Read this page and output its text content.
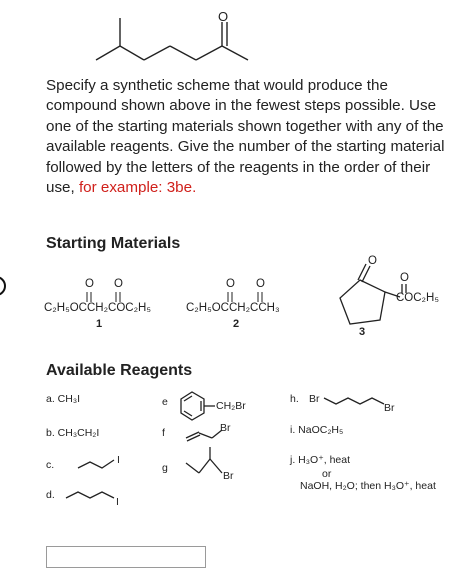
O
Specify a synthetic scheme that would produce the compound shown above in the fewest steps possible. Use one of the starting materials shown together with any of the available reagents. Give the number of the starting material followed by the letters of the reagents in the order of their use, for example: 3be.
Starting Materials
O O
C₂H₅OCCH₂COC₂H₅
1
O O
C₂H₅OCCH₂CCH₃
2
O
O
COC₂H₅
3
Available Reagents
a. CH₃I
b. CH₃CH₂I
c.	I
d.
I
e	CH₂Br
f	Br
g
Br
h. Br
Br
i. NaOC₂H₅
j. H₃O⁺, heat
or
NaOH, H₂O; then H₃O⁺, heat
